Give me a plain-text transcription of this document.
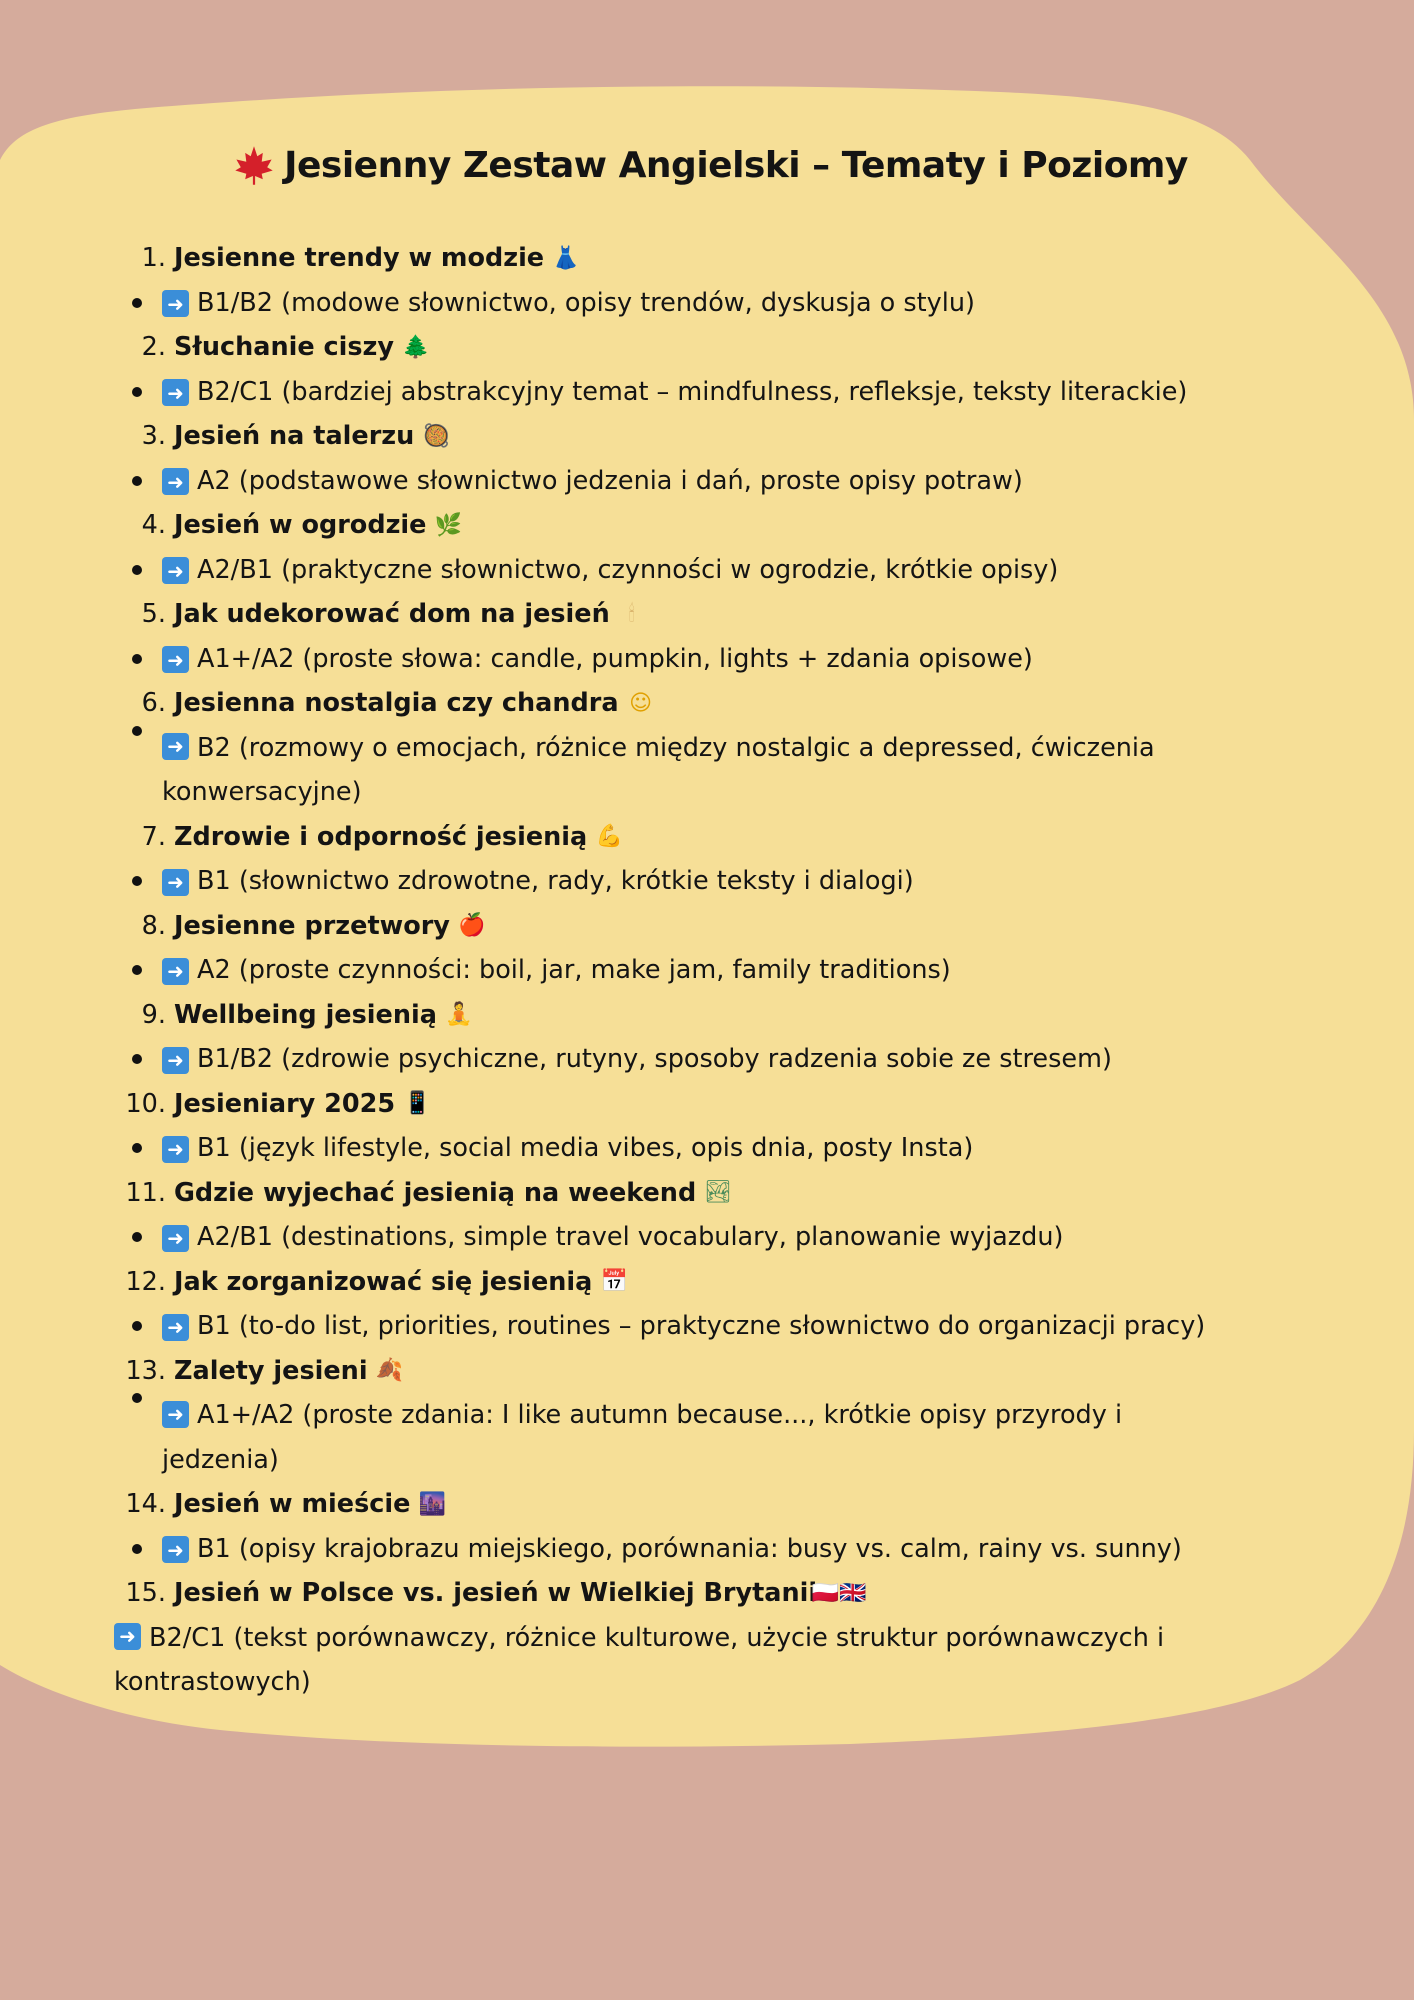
Jesienny Zestaw Angielski – Tematy i Poziomy
1. Jesienne trendy w modzie 👗
➜ B1/B2 (modowe słownictwo, opisy trendów, dyskusja o stylu)
2. Słuchanie ciszy 🌲
➜ B2/C1 (bardziej abstrakcyjny temat – mindfulness, refleksje, teksty literackie)
3. Jesień na talerzu 🥘
➜ A2 (podstawowe słownictwo jedzenia i dań, proste opisy potraw)
4. Jesień w ogrodzie 🌿
➜ A2/B1 (praktyczne słownictwo, czynności w ogrodzie, krótkie opisy)
5. Jak udekorować dom na jesień 🕯
➜ A1+/A2 (proste słowa: candle, pumpkin, lights + zdania opisowe)
6. Jesienna nostalgia czy chandra ☺
➜ B2 (rozmowy o emocjach, różnice między nostalgic a depressed, ćwiczenia konwersacyjne)
7. Zdrowie i odporność jesienią 💪
➜ B1 (słownictwo zdrowotne, rady, krótkie teksty i dialogi)
8. Jesienne przetwory 🍎
➜ A2 (proste czynności: boil, jar, make jam, family traditions)
9. Wellbeing jesienią 🧘
➜ B1/B2 (zdrowie psychiczne, rutyny, sposoby radzenia sobie ze stresem)
10. Jesieniary 2025 📱
➜ B1 (język lifestyle, social media vibes, opis dnia, posty Insta)
11. Gdzie wyjechać jesienią na weekend 🏞
➜ A2/B1 (destinations, simple travel vocabulary, planowanie wyjazdu)
12. Jak zorganizować się jesienią 📅
➜ B1 (to-do list, priorities, routines – praktyczne słownictwo do organizacji pracy)
13. Zalety jesieni 🍂
➜ A1+/A2 (proste zdania: I like autumn because..., krótkie opisy przyrody i jedzenia)
14. Jesień w mieście 🌆
➜ B1 (opisy krajobrazu miejskiego, porównania: busy vs. calm, rainy vs. sunny)
15. Jesień w Polsce vs. jesień w Wielkiej Brytanii
🇵🇱🇬🇧
➜ B2/C1 (tekst porównawczy, różnice kulturowe, użycie struktur porównawczych i kontrastowych)
